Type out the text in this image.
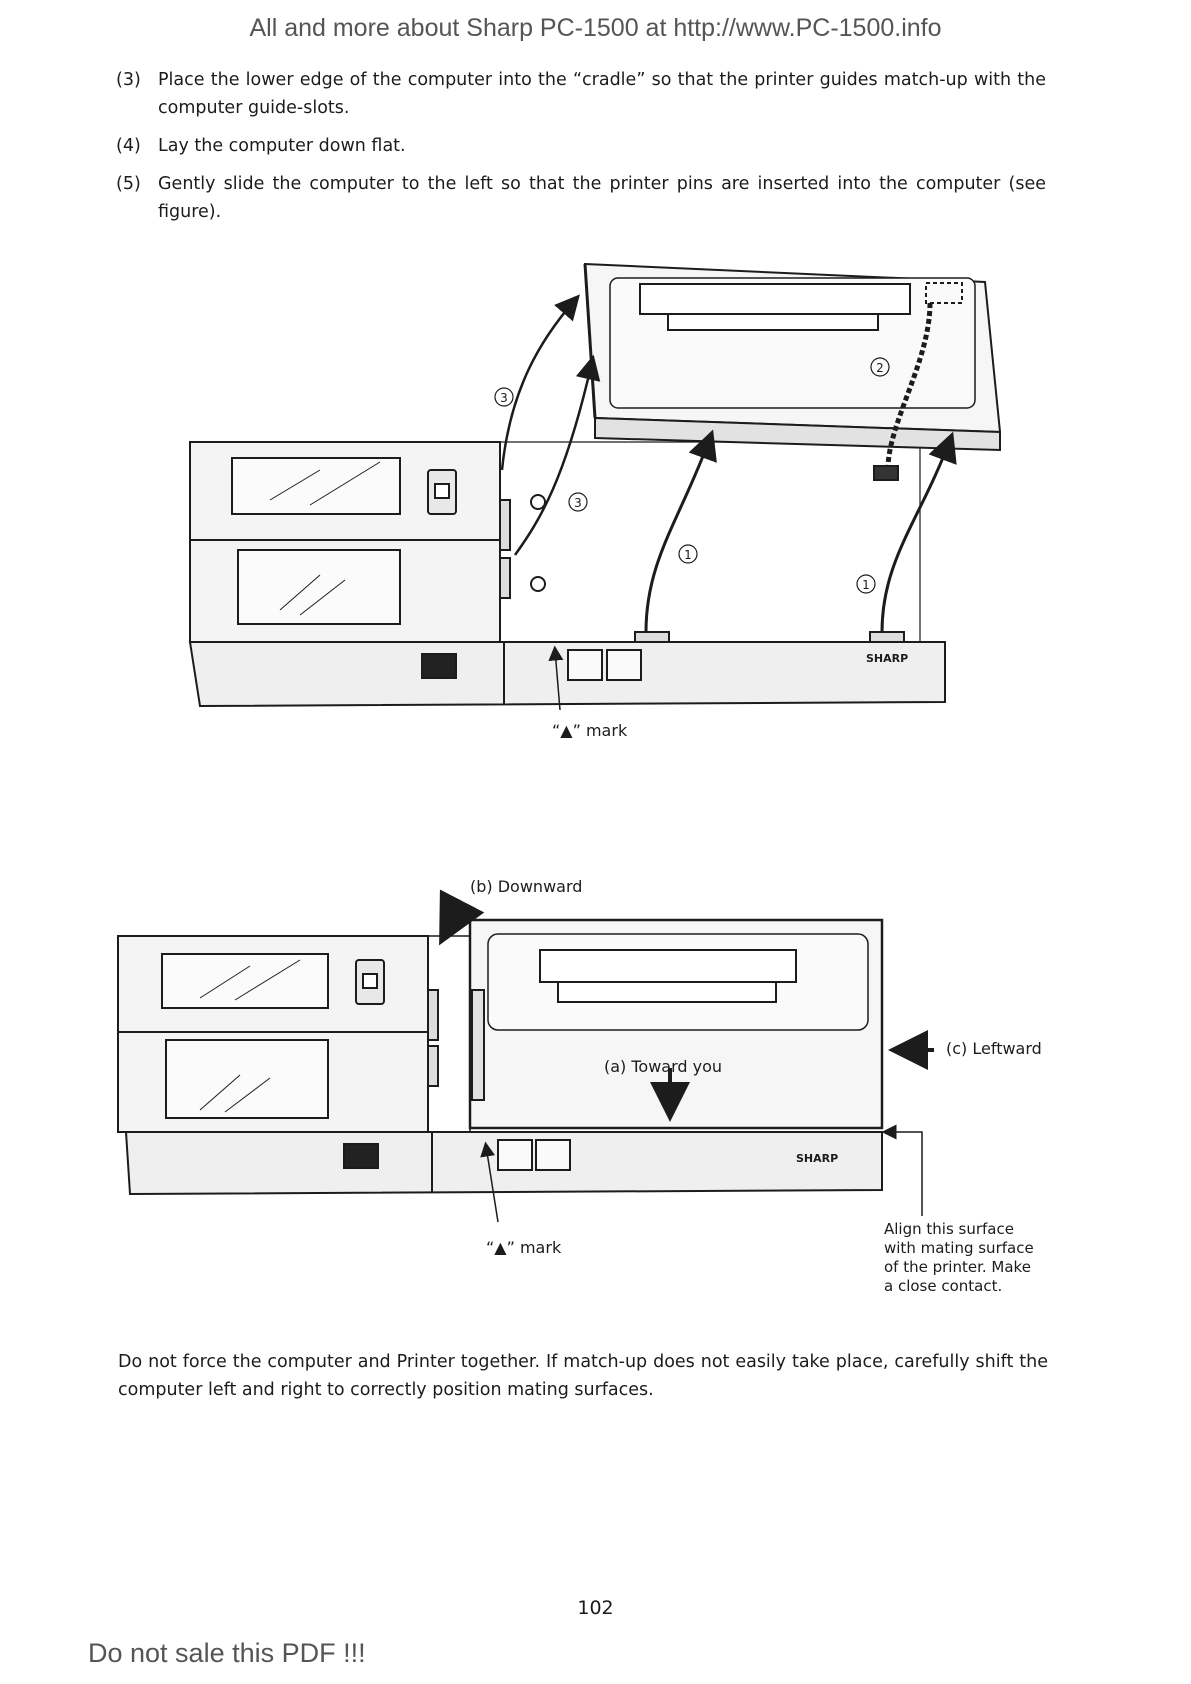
All and more about Sharp PC-1500 at http://www.PC-1500.info
(3) Place the lower edge of the computer into the “cradle” so that the printer guides match-up with the computer guide-slots.
(4) Lay the computer down flat.
(5) Gently slide the computer to the left so that the printer pins are inserted into the computer (see figure).
3
3
1
1
2
“▲” mark
SHARP
(b) Downward
(a) Toward you
(c) Leftward
“▲” mark
Align this surface
with mating surface
of the printer. Make
a close contact.
SHARP
Do not force the computer and Printer together. If match-up does not easily take place, carefully shift the computer left and right to correctly position mating surfaces.
102
Do not sale this PDF !!!
